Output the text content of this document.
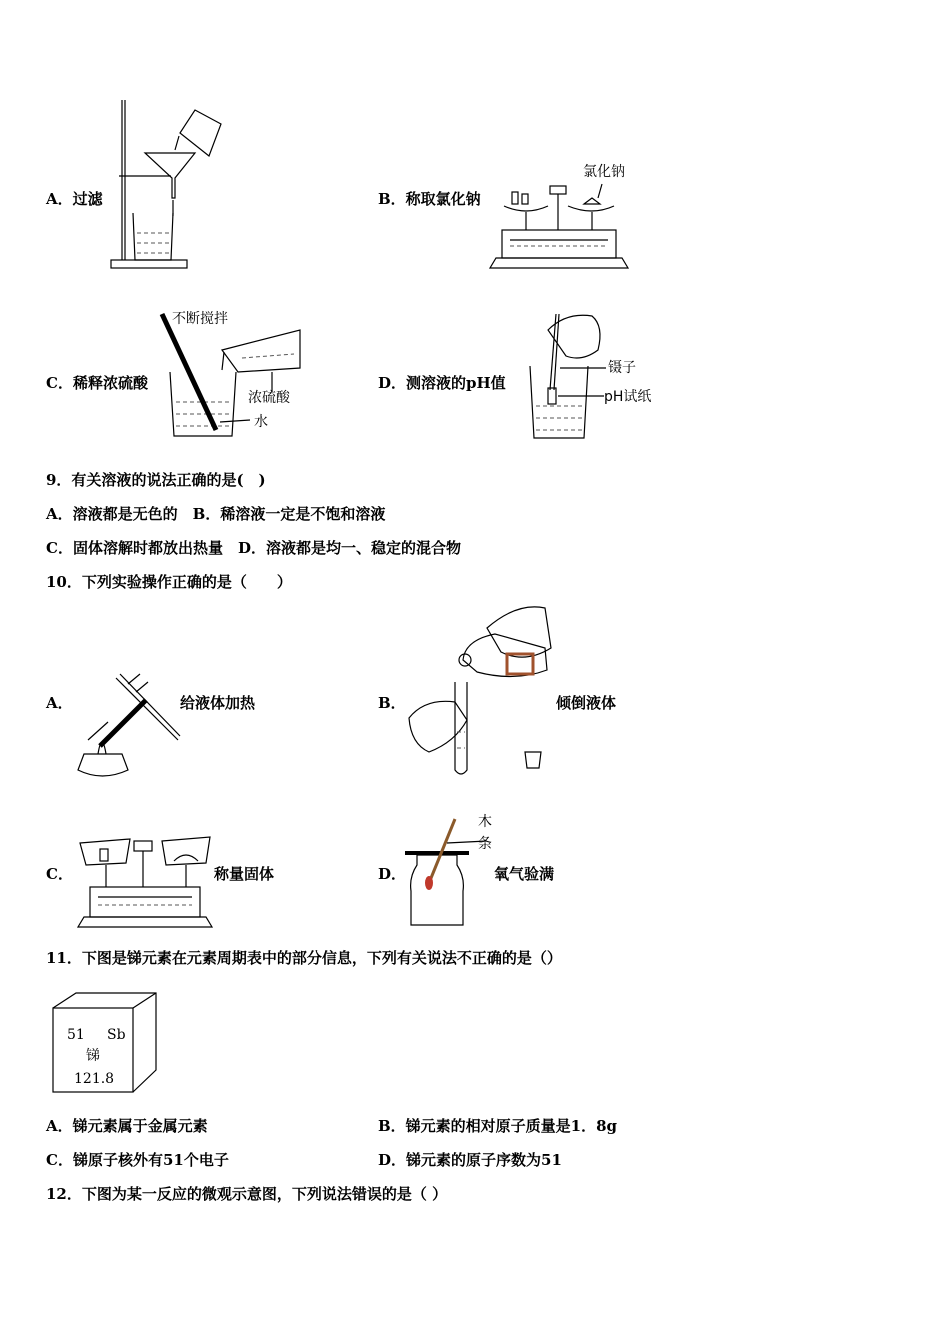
A．过滤	B．称取氯化钠
氯化钠
C．稀释浓硫酸
不断搅拌
浓硫酸
水
D．测溶液的pH值
镊子
pH试纸
9．有关溶液的说法正确的是(　)
A．溶液都是无色的　B．稀溶液一定是不饱和溶液
C．固体溶解时都放出热量　D．溶液都是均一、稳定的混合物
10．下列实验操作正确的是（　　）
A．	给液体加热	B．	倾倒液体
C．	称量固体	D．
木
条
氧气验满
11．下图是锑元素在元素周期表中的部分信息，下列有关说法不正确的是（）
51 Sb
锑
121.8
A．锑元素属于金属元素	B．锑元素的相对原子质量是1．8g
C．锑原子核外有51个电子	D．锑元素的原子序数为51
12．下图为某一反应的微观示意图，下列说法错误的是（ ）
